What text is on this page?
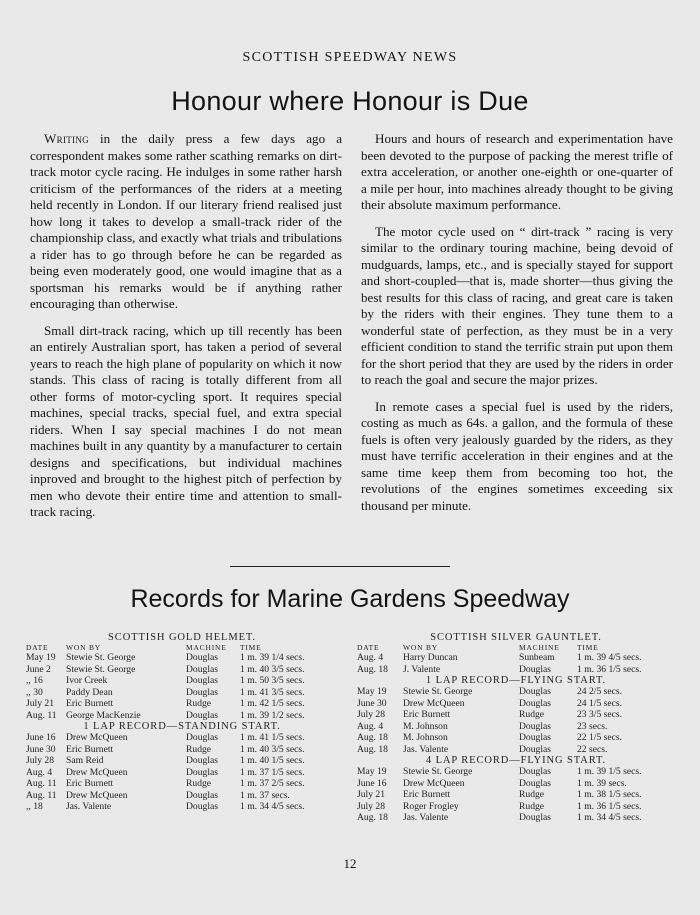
SCOTTISH SPEEDWAY NEWS
Honour where Honour is Due

Writing in the daily press a few days ago a correspondent makes some rather scathing remarks on dirt-track motor cycle racing. He indulges in some rather harsh criticism of the performances of the riders at a meeting held recently in London. If our literary friend realised just how long it takes to develop a small-track rider of the championship class, and exactly what trials and tribulations a rider has to go through before he can be regarded as being even moderately good, one would imagine that as a sportsman his remarks would be if anything rather encouraging than otherwise.

Small dirt-track racing, which up till recently has been an entirely Australian sport, has taken a period of several years to reach the high plane of popularity on which it now stands. This class of racing is totally different from all other forms of motor-cycling sport. It requires special machines, special tracks, special fuel, and extra special riders. When I say special machines I do not mean machines built in any quantity by a manufacturer to certain designs and specifications, but individual machines inproved and brought to the highest pitch of perfection by men who devote their entire time and attention to small-track racing.

Hours and hours of research and experimentation have been devoted to the purpose of packing the merest trifle of extra acceleration, or another one-eighth or one-quarter of a mile per hour, into machines already thought to be giving their absolute maximum performance.

The motor cycle used on “ dirt-track ” racing is very similar to the ordinary touring machine, being devoid of mudguards, lamps, etc., and is specially stayed for support and short-coupled—that is, made shorter—thus giving the best results for this class of racing, and great care is taken by the riders with their engines. They tune them to a wonderful state of perfection, as they must be in a very efficient condition to stand the terrific strain put upon them for the short period that they are used by the riders in order to reach the goal and secure the major prizes.

In remote cases a special fuel is used by the riders, costing as much as 64s. a gallon, and the formula of these fuels is often very jealously guarded by the riders, as they must have terrific acceleration in their engines and at the same time keep them from becoming too hot, the revolutions of the engines sometimes exceeding six thousand per minute.

Records for Marine Gardens Speedway
SCOTTISH GOLD HELMET.
DATE	WON BY	MACHINE	TIME
May 19	Stewie St. George	Douglas	1 m. 39 1/4 secs.
June 2	Stewie St. George	Douglas	1 m. 40 3/5 secs.
,, 16	Ivor Creek	Douglas	1 m. 50 3/5 secs.
,, 30	Paddy Dean	Douglas	1 m. 41 3/5 secs.
July 21	Eric Burnett	Rudge	1 m. 42 1/5 secs.
Aug. 11 George MacKenzie	Douglas	1 m. 39 1/2 secs.
1 LAP RECORD—STANDING START.
June 16	Drew McQueen	Douglas	1 m. 41 1/5 secs.
June 30	Eric Burnett	Rudge	1 m. 40 3/5 secs.
July 28	Sam Reid	Douglas	1 m. 40 1/5 secs.
Aug. 4	Drew McQueen	Douglas	1 m. 37 1/5 secs.
Aug. 11 Eric Burnett	Rudge	1 m. 37 2/5 secs.
Aug. 11 Drew McQueen	Douglas	1 m. 37 secs.
,, 18	Jas. Valente	Douglas	1 m. 34 4/5 secs.
SCOTTISH SILVER GAUNTLET.
DATE	WON BY	MACHINE	TIME
Aug. 4	Harry Duncan	Sunbeam	1 m. 39 4/5 secs.
Aug. 18	J. Valente	Douglas	1 m. 36 1/5 secs.
1 LAP RECORD—FLYING START.
May 19	Stewie St. George	Douglas	24 2/5 secs.
June 30	Drew McQueen	Douglas	24 1/5 secs.
July 28	Eric Burnett	Rudge	23 3/5 secs.
Aug. 4	M. Johnson	Douglas	23 secs.
Aug. 18	M. Johnson	Douglas	22 1/5 secs.
Aug. 18	Jas. Valente	Douglas	22 secs.
4 LAP RECORD—FLYING START.
May 19	Stewie St. George	Douglas	1 m. 39 1/5 secs.
June 16	Drew McQueen	Douglas	1 m. 39 secs.
July 21	Eric Burnett	Rudge	1 m. 38 1/5 secs.
July 28	Roger Frogley	Rudge	1 m. 36 1/5 secs.
Aug. 18	Jas. Valente	Douglas	1 m. 34 4/5 secs.
12
